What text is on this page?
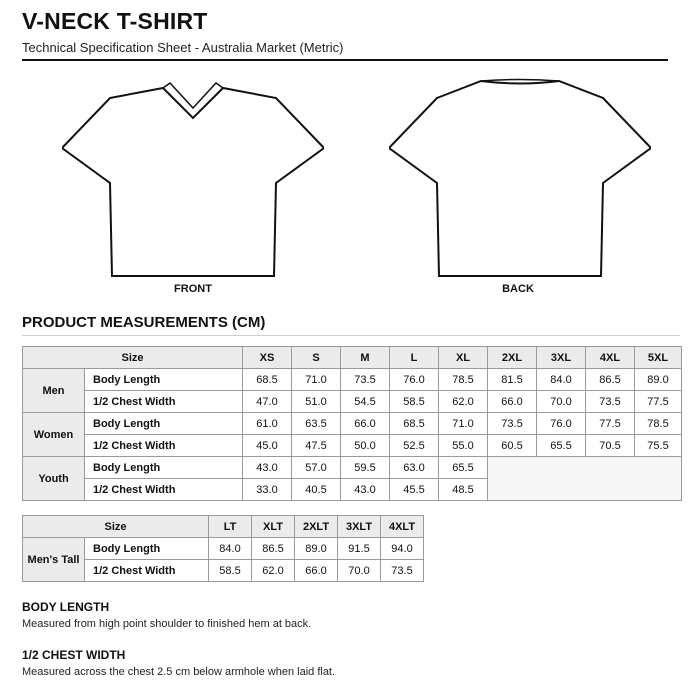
V-NECK T-SHIRT
Technical Specification Sheet - Australia Market (Metric)
FRONT	BACK
PRODUCT MEASUREMENTS (CM)
Size		XS	S	M	L	XL	2XL	3XL	4XL	5XL
Men	Body Length	68.5	71.0	73.5	76.0	78.5	81.5	84.0	86.5	89.0
	1/2 Chest Width	47.0	51.0	54.5	58.5	62.0	66.0	70.0	73.5	77.5
Women	Body Length	61.0	63.5	66.0	68.5	71.0	73.5	76.0	77.5	78.5
	1/2 Chest Width	45.0	47.5	50.0	52.5	55.0	60.5	65.5	70.5	75.5
Youth	Body Length	43.0	57.0	59.5	63.0	65.5				
	1/2 Chest Width	33.0	40.5	43.0	45.5	48.5				
Size		LT	XLT	2XLT	3XLT	4XLT
Men's Tall	Body Length	84.0	86.5	89.0	91.5	94.0
	1/2 Chest Width	58.5	62.0	66.0	70.0	73.5
BODY LENGTH

Measured from high point shoulder to finished hem at back.

1/2 CHEST WIDTH

Measured across the chest 2.5 cm below armhole when laid flat.
